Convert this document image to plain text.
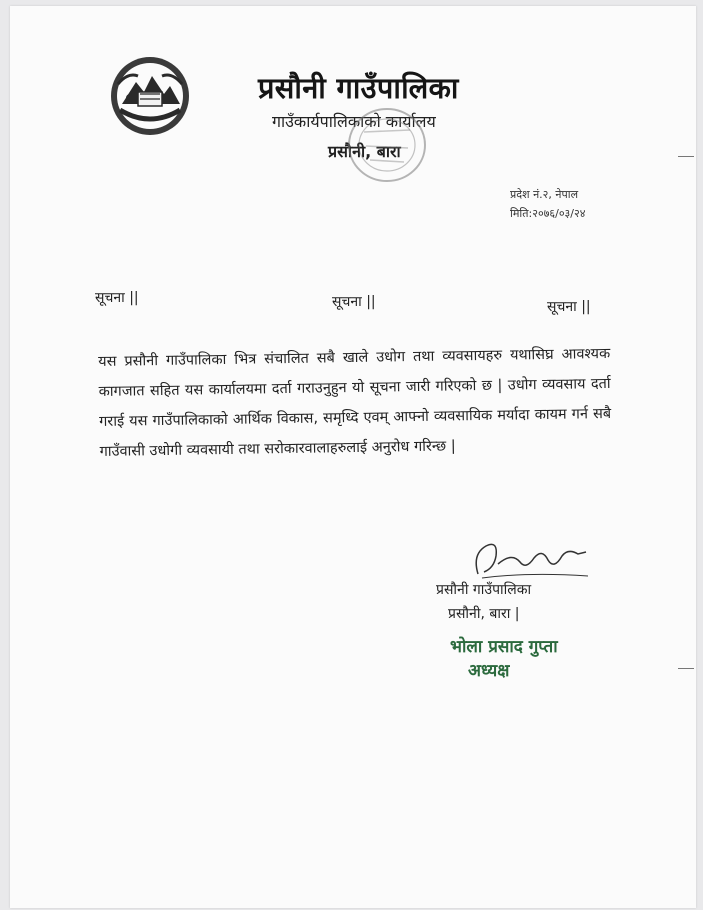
प्रसौनी गाउँपालिका
गाउँकार्यपालिकाको कार्यालय
प्रसौनी, बारा
प्रदेश नं.२, नेपाल
मिति:२०७६/०३/२४
सूचना ||	सूचना ||	सूचना ||
यस प्रसौनी गाउँपालिका भित्र संचालित सबै खाले उधोग तथा व्यवसायहरु यथासिघ्र आवश्यक कागजात सहित यस कार्यालयमा दर्ता गराउनुहुन यो सूचना जारी गरिएको छ | उधोग व्यवसाय दर्ता गराई यस गाउँपालिकाको आर्थिक विकास, समृध्दि एवम् आफ्नो व्यवसायिक मर्यादा कायम गर्न सबै गाउँवासी उधोगी व्यवसायी तथा सरोकारवालाहरुलाई अनुरोध गरिन्छ |
प्रसौनी गाउँपालिका
प्रसौनी, बारा |
भोला प्रसाद गुप्ता
अध्यक्ष
